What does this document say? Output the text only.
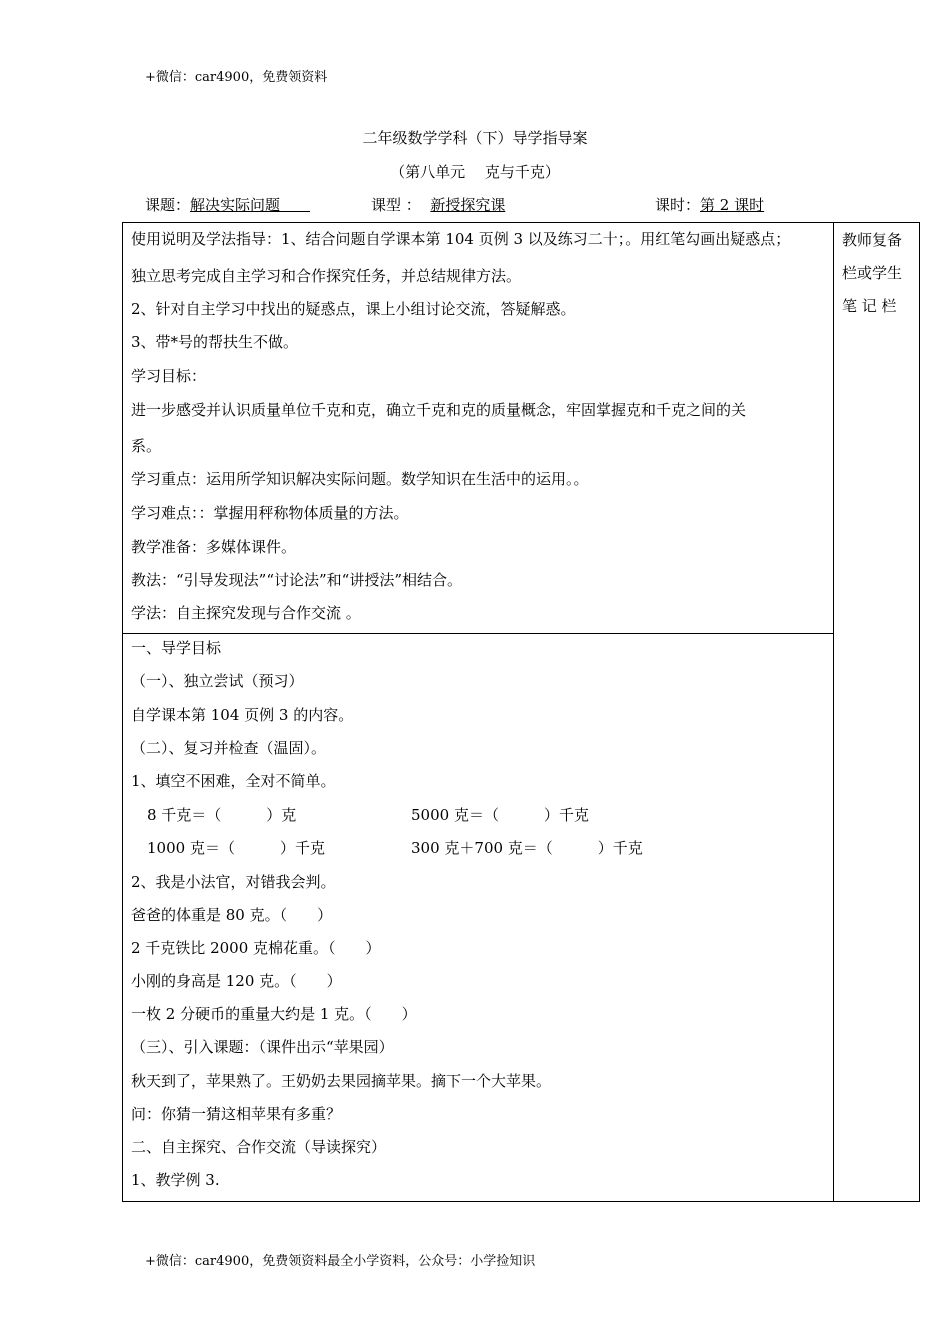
+微信：car4900，免费领资料
二年级数学学科（下）导学指导案
（第八单元　 克与千克）
课题：解决实际问题　　	课型 ： 新授探究课	课时：第 2 课时
教师复备
栏或学生
笔 记 栏
使用说明及学法指导：1、结合问题自学课本第 104 页例 3 以及练习二十；。用红笔勾画出疑惑点；
独立思考完成自主学习和合作探究任务，并总结规律方法。
2、针对自主学习中找出的疑惑点，课上小组讨论交流，答疑解惑。
3、带*号的帮扶生不做。
学习目标：
进一步感受并认识质量单位千克和克，确立千克和克的质量概念，牢固掌握克和千克之间的关
系。
学习重点：运用所学知识解决实际问题。数学知识在生活中的运用。。
学习难点：：掌握用秤称物体质量的方法。
教学准备：多媒体课件。
教法：“引导发现法”“讨论法”和“讲授法”相结合。
学法：自主探究发现与合作交流 。
一、导学目标
（一）、独立尝试（预习）
自学课本第 104 页例 3 的内容。
（二）、复习并检查（温固）。
1、填空不困难，全对不简单。
8 千克＝（　　　）克	5000 克＝（　　　）千克
1000 克＝（　　　）千克	300 克＋700 克＝（　　　）千克
2、我是小法官，对错我会判。
爸爸的体重是 80 克。（　　）
2 千克铁比 2000 克棉花重。（　　）
小刚的身高是 120 克。（　　）
一枚 2 分硬币的重量大约是 1 克。（　　）
（三）、引入课题：（课件出示“苹果园）
秋天到了，苹果熟了。王奶奶去果园摘苹果。摘下一个大苹果。
问：你猜一猜这相苹果有多重？
二、自主探究、合作交流（导读探究）
1、教学例 3.
+微信：car4900，免费领资料最全小学资料，公众号：小学捡知识
